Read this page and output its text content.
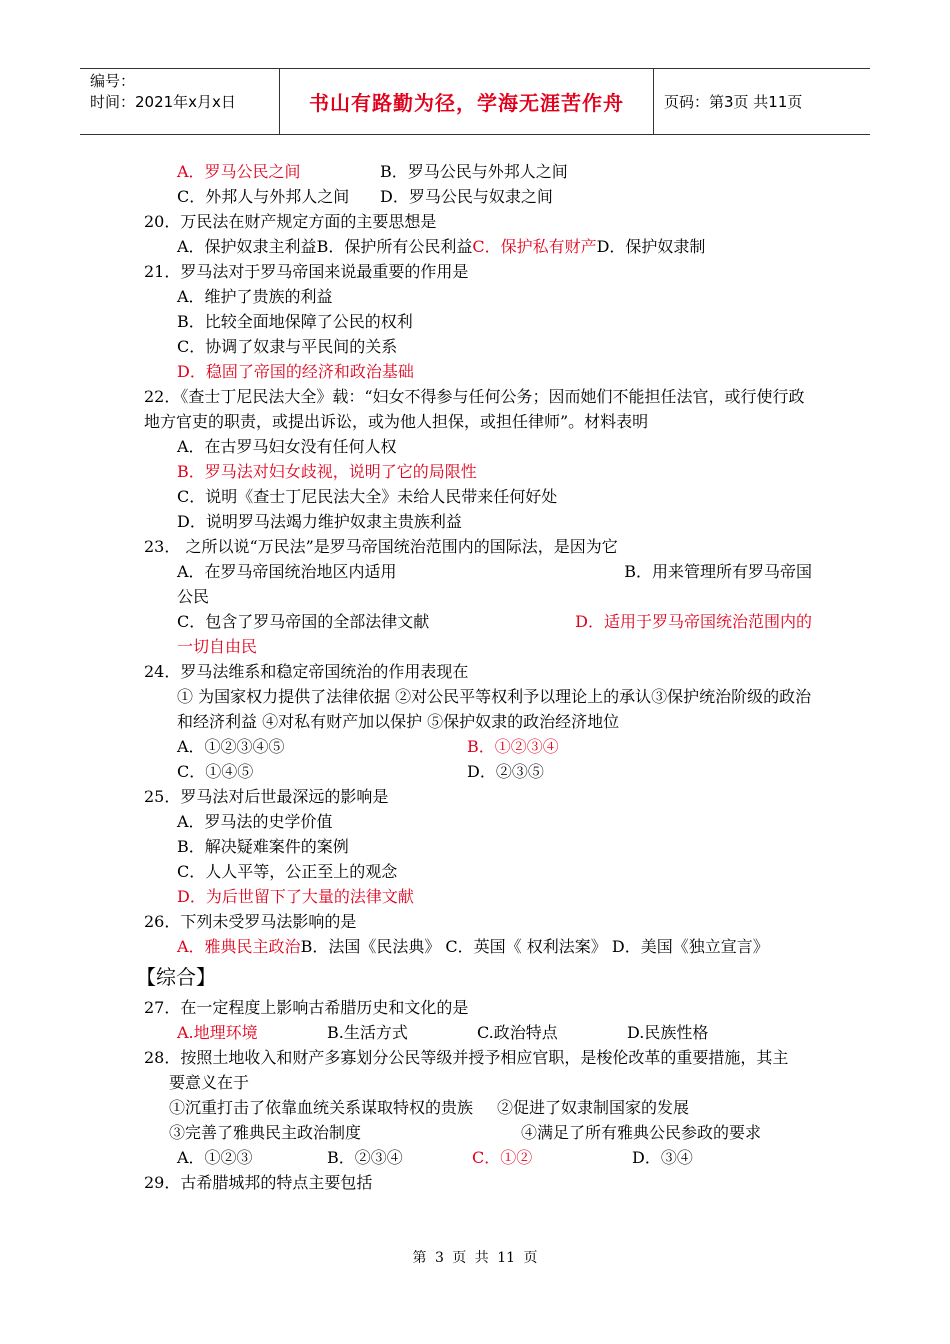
编号：
时间：2021年x月x日	书山有路勤为径，学海无涯苦作舟	页码：第3页 共11页
A．罗马公民之间	B．罗马公民与外邦人之间
C．外邦人与外邦人之间 D．罗马公民与奴隶之间
20．万民法在财产规定方面的主要思想是
A．保护奴隶主利益B．保护所有公民利益C．保护私有财产D．保护奴隶制
21．罗马法对于罗马帝国来说最重要的作用是
A．维护了贵族的利益
B．比较全面地保障了公民的权利
C．协调了奴隶与平民间的关系
D．稳固了帝国的经济和政治基础
22．《查士丁尼民法大全》载：“妇女不得参与任何公务；因而她们不能担任法官，或行使行政地方官吏的职责，或提出诉讼，或为他人担保，或担任律师”。材料表明
A．在古罗马妇女没有任何人权
B．罗马法对妇女歧视，说明了它的局限性
C．说明《查士丁尼民法大全》未给人民带来任何好处
D．说明罗马法竭力维护奴隶主贵族利益
23． 之所以说“万民法”是罗马帝国统治范围内的国际法，是因为它
A．在罗马帝国统治地区内适用	B．用来管理所有罗马帝国
公民
C．包含了罗马帝国的全部法律文献	D．适用于罗马帝国统治范围内的
一切自由民
24．罗马法维系和稳定帝国统治的作用表现在
① 为国家权力提供了法律依据 ②对公民平等权利予以理论上的承认③保护统治阶级的政治和经济利益 ④对私有财产加以保护 ⑤保护奴隶的政治经济地位
A．①②③④⑤	B．①②③④
C．①④⑤	D．②③⑤
25．罗马法对后世最深远的影响是
A．罗马法的史学价值
B．解决疑难案件的案例
C．人人平等，公正至上的观念
D．为后世留下了大量的法律文献
26．下列未受罗马法影响的是
A．雅典民主政治B．法国《民法典》 C．英国《 权利法案》 D．美国《独立宣言》
【综合】
27．在一定程度上影响古希腊历史和文化的是
A.地理环境	B.生活方式	C.政治特点	D.民族性格
28．按照土地收入和财产多寡划分公民等级并授予相应官职，是梭伦改革的重要措施，其主
要意义在于
①沉重打击了依靠血统关系谋取特权的贵族 ②促进了奴隶制国家的发展
③完善了雅典民主政治制度	④满足了所有雅典公民参政的要求
A．①②③	B．②③④	C．①②	D．③④
29．古希腊城邦的特点主要包括
第 3 页 共 11 页
